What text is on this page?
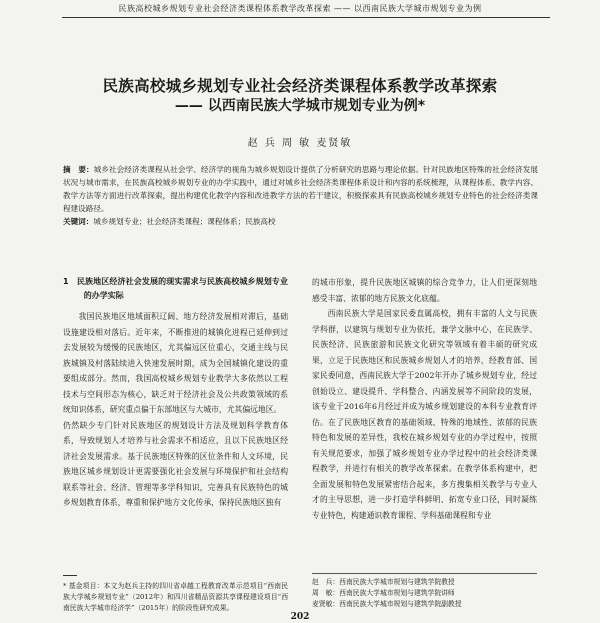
民族高校城乡规划专业社会经济类课程体系教学改革探索 —— 以西南民族大学城市规划专业为例
民族高校城乡规划专业社会经济类课程体系教学改革探索
—— 以西南民族大学城市规划专业为例*
赵 兵 周 敏 麦贤敏
摘　要：城乡社会经济类课程从社会学、经济学的视角为城乡规划设计提供了分析研究的思路与理论依据。针对民族地区特殊的社会经济发展状况与城市需求，在民族高校城乡规划专业的办学实践中，通过对城乡社会经济类课程体系设计和内容的系统梳理，从课程体系、教学内容、教学方法等方面进行改革探索，提出构建优化教学内容和改进教学方法的若干建议，积极探索具有民族高校城乡规划专业特色的社会经济类课程建设路径。
关键词：城乡规划专业；社会经济类课程；课程体系；民族高校
1　民族地区经济社会发展的现实需求与民族高校城乡规划专业的办学实际

我国民族地区地域面积辽阔、地方经济发展相对滞后，基础设施建设相对落后。近年来，不断推进的城镇化进程已延伸到过去发展较为缓慢的民族地区，尤其偏远区位重心，交通主线与民族城镇及村落陆续进入快速发展时期，成为全国城镇化建设的重要组成部分。然而，我国高校城乡规划专业教学大多依然以工程技术与空间形态为核心，缺乏对于经济社会及公共政策领域的系统知识体系，研究重点偏于东部地区与大城市，尤其偏远地区。

仍然缺少专门针对民族地区的规划设计方法及规划科学教育体系，导致规划人才培养与社会需求不相适应，且以下民族地区经济社会发展需求。基于民族地区特殊的区位条件和人文环境，民族地区城乡规划设计更需要强化社会发展与环境保护和社会结构联系等社会、经济、管理等多学科知识，完善具有民族特色的城乡规划教育体系，尊重和保护地方文化传承，保持民族地区独有

的城市形象，提升民族地区城镇的综合竞争力，让人们更深刻地感受丰富、浓郁的地方民族文化底蕴。

西南民族大学是国家民委直属高校，拥有丰富的人文与民族学科群，以建筑与规划专业为依托，兼学文脉中心，在民族学、民族经济、民族旅游和民族文化研究等领域有着丰硕的研究成果，立足于民族地区和民族城乡规划人才的培养，经教育部、国家民委同意，西南民族大学于2002年开办了城乡规划专业，经过创始设立、建设提升、学科整合、内涵发展等不同阶段的发展，该专业于2016年6月经过并成为城乡规划建设的本科专业教育评估。在了民族地区教育的基础领域、特殊的地域性、浓郁的民族特色和发展的差异性，我校在城乡规划专业的办学过程中，按照有关规范要求，加强了城乡规划专业办学过程中的社会经济类课程教学，并进行有相关的教学改革探索。在教学体系构建中，把全面发展和特色发展紧密结合起来，多方搜集相关教学与专业人才的主导思想，进一步打造学科鲜明、拓宽专业口径，同时凝练专业特色，构建通识教育课程、学科基础课程和专业

* 基金项目：本文为赵兵主持的四川省卓越工程教育改革示范项目“西南民族大学城乡规划专业”（2012年）和四川省精品资源共享课程建设项目“西南民族大学城市经济学”（2015年）的阶段性研究成果。
赵　兵：西南民族大学城市规划与建筑学院教授
周　敏：西南民族大学城市规划与建筑学院讲师
麦贤敏：西南民族大学城市规划与建筑学院副教授
202
